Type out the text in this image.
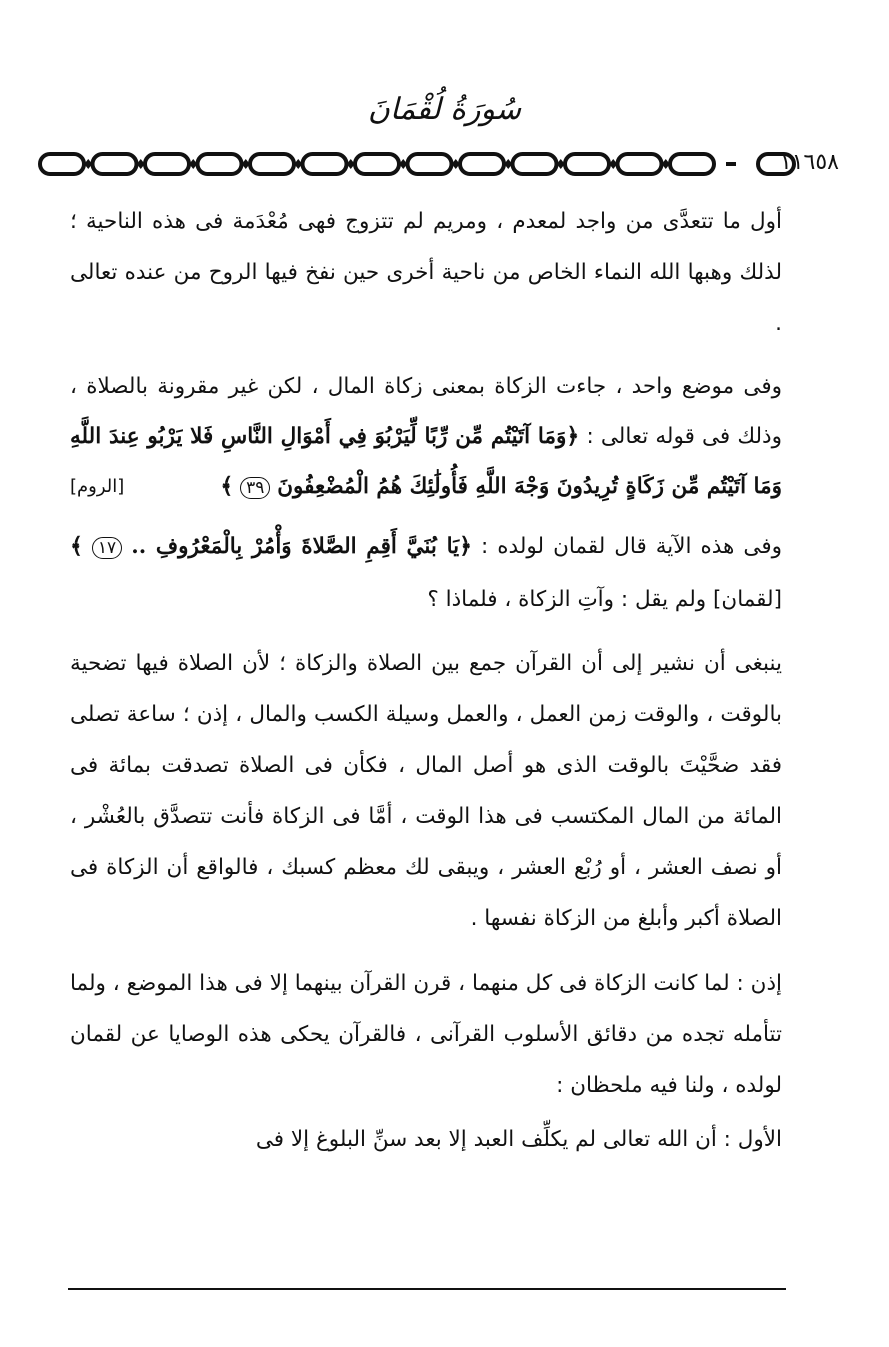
سُورَةُ لُقْمَانَ
١١٦٥٨

أول ما تتعدَّى من واجد لمعدم ، ومريم لم تتزوج فهى مُعْدَمة فى هذه الناحية ؛ لذلك وهبها الله النماء الخاص من ناحية أخرى حين نفخ فيها الروح من عنده تعالى .

وفى موضع واحد ، جاءت الزكاة بمعنى زكاة المال ، لكن غير مقرونة بالصلاة ، وذلك فى قوله تعالى : ﴿وَمَا آتَيْتُم مِّن رِّبًا لِّيَرْبُوَ فِي أَمْوَالِ النَّاسِ فَلا يَرْبُو عِندَ اللَّهِ وَمَا آتَيْتُم مِّن زَكَاةٍ تُرِيدُونَ وَجْهَ اللَّهِ فَأُولَٰئِكَ هُمُ الْمُضْعِفُونَ ٣٩ ﴾
[الروم]

وفى هذه الآية قال لقمان لولده : ﴿يَا بُنَيَّ أَقِمِ الصَّلاةَ وَأْمُرْ بِالْمَعْرُوفِ .. ١٧ ﴾ [لقمان] ولم يقل : وآتِ الزكاة ، فلماذا ؟

ينبغى أن نشير إلى أن القرآن جمع بين الصلاة والزكاة ؛ لأن الصلاة فيها تضحية بالوقت ، والوقت زمن العمل ، والعمل وسيلة الكسب والمال ، إذن ؛ ساعة تصلى فقد ضحَّيْتَ بالوقت الذى هو أصل المال ، فكأن فى الصلاة تصدقت بمائة فى المائة من المال المكتسب فى هذا الوقت ، أمَّا فى الزكاة فأنت تتصدَّق بالعُشْر ، أو نصف العشر ، أو رُبْع العشر ، ويبقى لك معظم كسبك ، فالواقع أن الزكاة فى الصلاة أكبر وأبلغ من الزكاة نفسها .

إذن : لما كانت الزكاة فى كل منهما ، قرن القرآن بينهما إلا فى هذا الموضع ، ولما تتأمله تجده من دقائق الأسلوب القرآنى ، فالقرآن يحكى هذه الوصايا عن لقمان لولده ، ولنا فيه ملحظان :

الأول : أن الله تعالى لم يكلِّف العبد إلا بعد سنِّ البلوغ إلا فى
